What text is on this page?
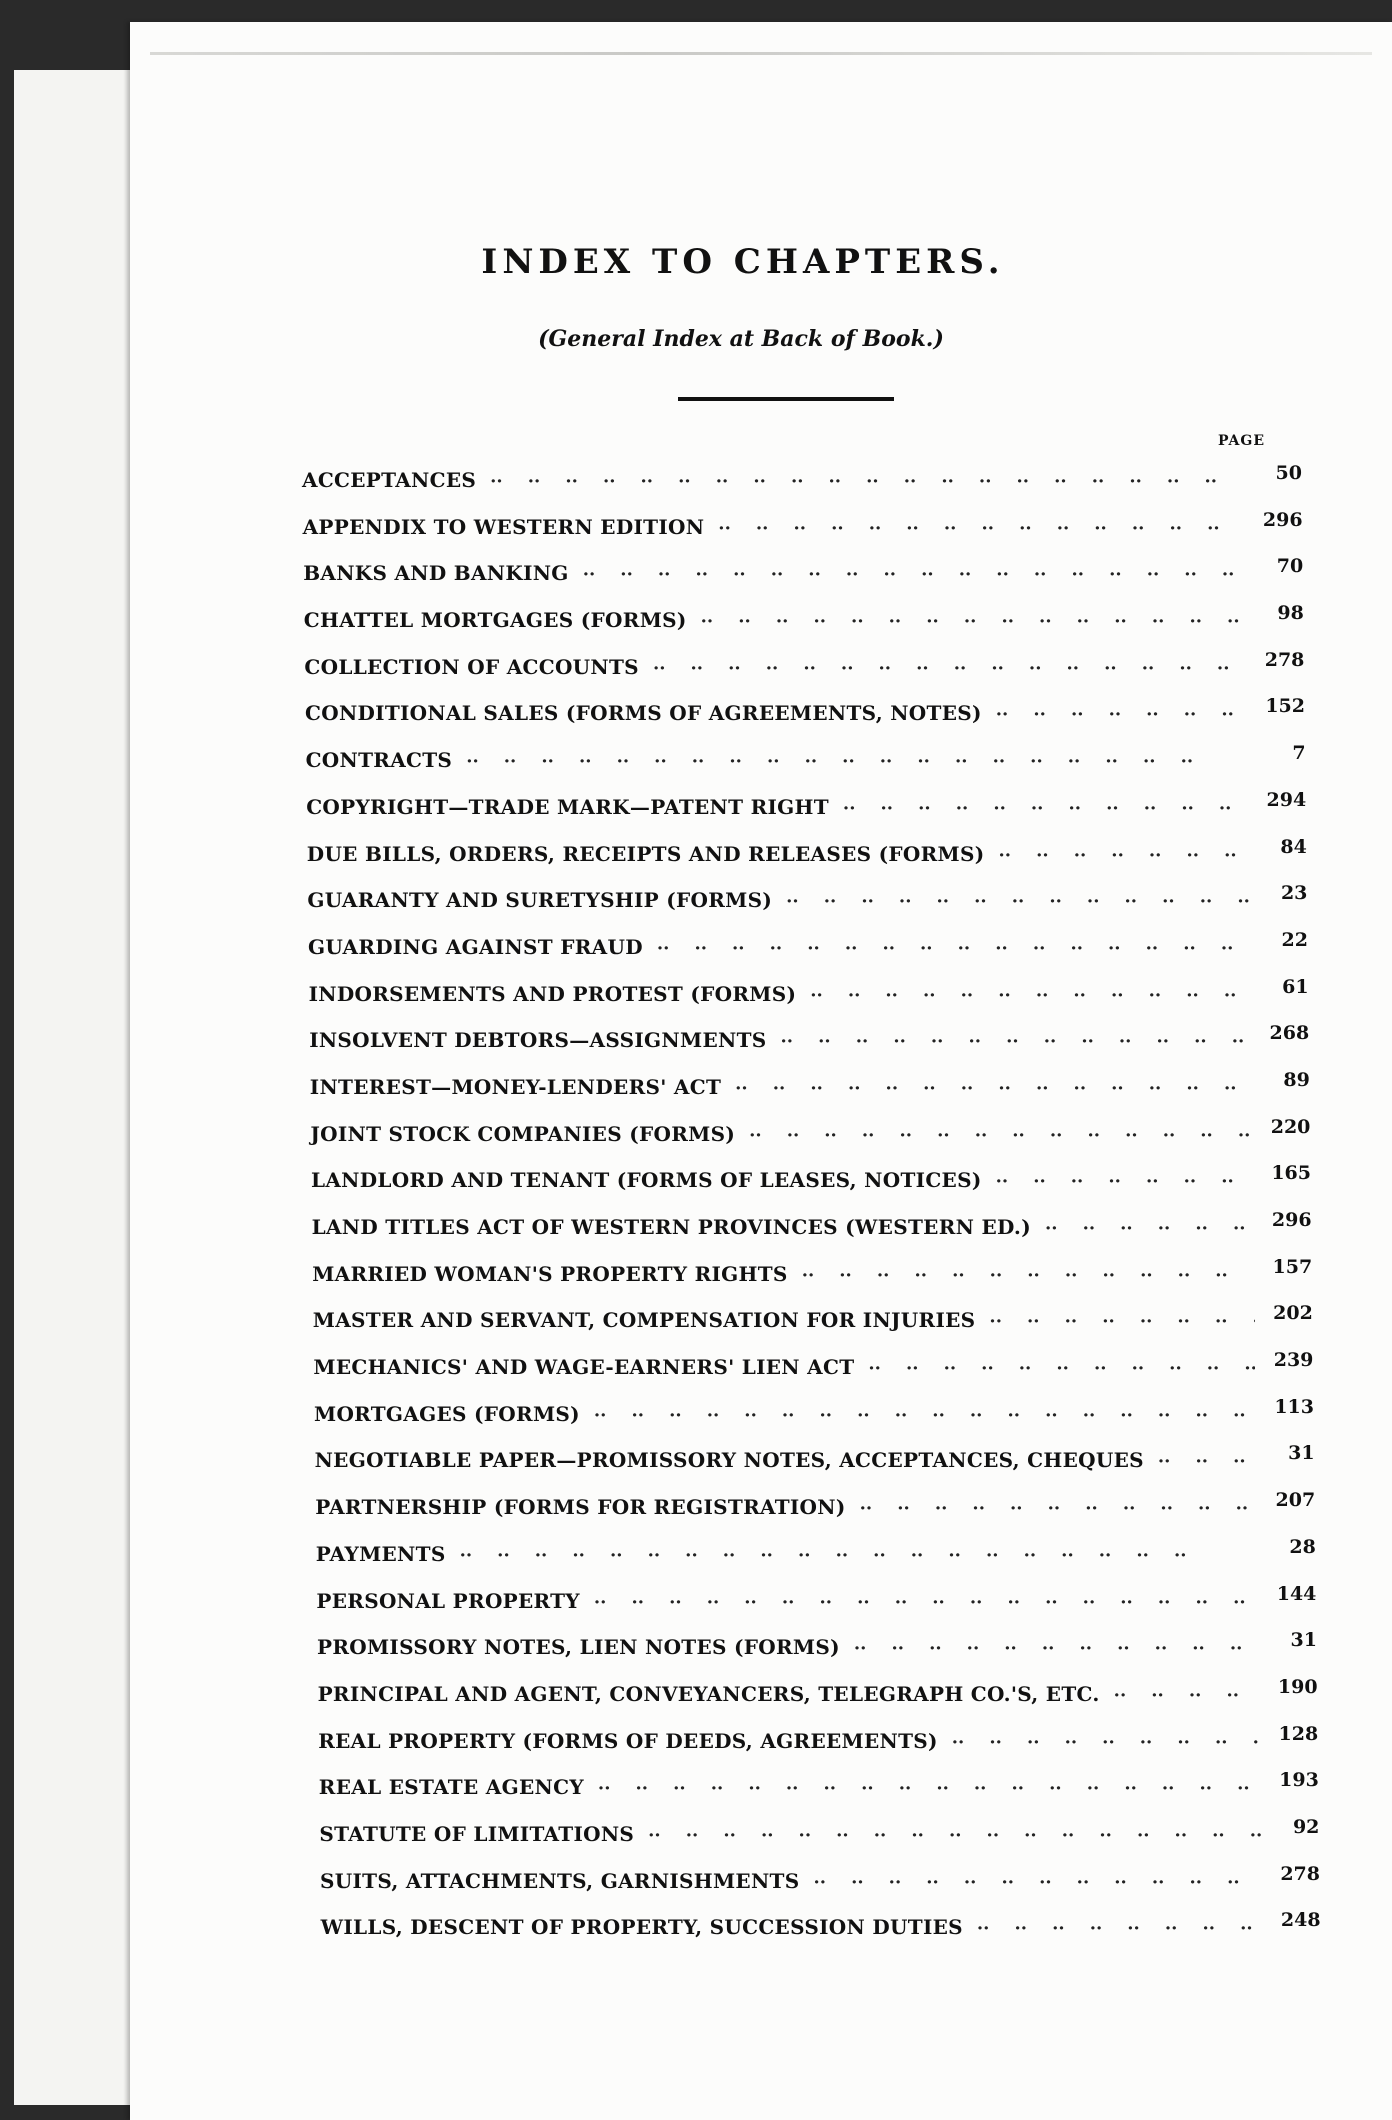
INDEX TO CHAPTERS.
(General Index at Back of Book.)
PAGE
ACCEPTANCES ··	50
APPENDIX TO WESTERN EDITION ··	296
BANKS AND BANKING ··	70
CHATTEL MORTGAGES (FORMS) ··	98
COLLECTION OF ACCOUNTS ··	278
CONDITIONAL SALES (FORMS OF AGREEMENTS, NOTES) ··	152
CONTRACTS ··	7
COPYRIGHT—TRADE MARK—PATENT RIGHT ··	294
DUE BILLS, ORDERS, RECEIPTS AND RELEASES (FORMS) ··	84
GUARANTY AND SURETYSHIP (FORMS) ··	23
GUARDING AGAINST FRAUD ··	22
INDORSEMENTS AND PROTEST (FORMS) ··	61
INSOLVENT DEBTORS—ASSIGNMENTS ··	268
INTEREST—MONEY-LENDERS' ACT ··	89
JOINT STOCK COMPANIES (FORMS) ··	220
LANDLORD AND TENANT (FORMS OF LEASES, NOTICES) ··	165
LAND TITLES ACT OF WESTERN PROVINCES (WESTERN ED.) ··	296
MARRIED WOMAN'S PROPERTY RIGHTS ··	157
MASTER AND SERVANT, COMPENSATION FOR INJURIES ··	202
MECHANICS' AND WAGE-EARNERS' LIEN ACT ··	239
MORTGAGES (FORMS) ··	113
NEGOTIABLE PAPER—PROMISSORY NOTES, ACCEPTANCES, CHEQUES ··	31
PARTNERSHIP (FORMS FOR REGISTRATION) ··	207
PAYMENTS ··	28
PERSONAL PROPERTY ··	144
PROMISSORY NOTES, LIEN NOTES (FORMS) ··	31
PRINCIPAL AND AGENT, CONVEYANCERS, TELEGRAPH CO.'S, ETC. ··	190
REAL PROPERTY (FORMS OF DEEDS, AGREEMENTS) ··	128
REAL ESTATE AGENCY ··	193
STATUTE OF LIMITATIONS ··	92
SUITS, ATTACHMENTS, GARNISHMENTS ··	278
WILLS, DESCENT OF PROPERTY, SUCCESSION DUTIES ··	248
